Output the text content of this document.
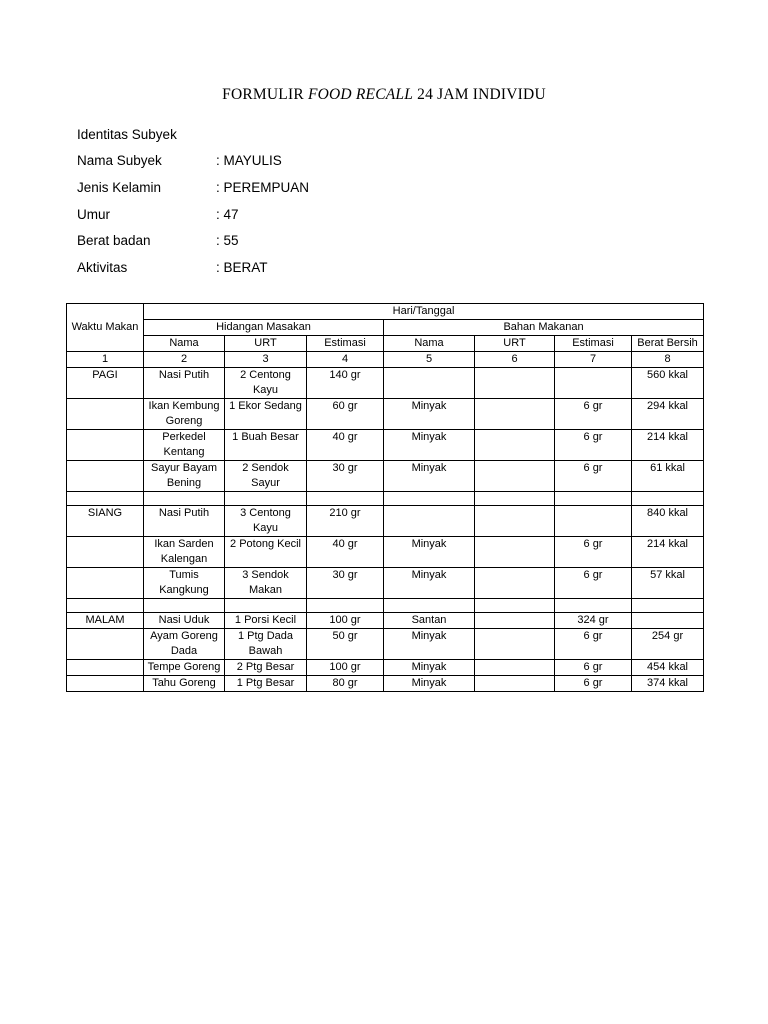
FORMULIR FOOD RECALL 24 JAM INDIVIDU
Identitas Subyek
Nama Subyek	: MAYULIS
Jenis Kelamin	: PEREMPUAN
Umur	: 47
Berat badan	: 55
Aktivitas	: BERAT
Waktu Makan	Hari/Tanggal						
	Hidangan Masakan			Bahan Makanan			
	Nama	URT	Estimasi	Nama	URT	Estimasi	Berat Bersih
1	2	3	4	5	6	7	8
PAGI	Nasi Putih	2 Centong Kayu	140 gr				560 kkal
	Ikan Kembung Goreng	1 Ekor Sedang	60 gr	Minyak		6 gr	294 kkal
	Perkedel Kentang	1 Buah Besar	40 gr	Minyak		6 gr	214 kkal
	Sayur Bayam Bening	2 Sendok Sayur	30 gr	Minyak		6 gr	61 kkal

SIANG	Nasi Putih	3 Centong Kayu	210 gr				840 kkal
	Ikan Sarden Kalengan	2 Potong Kecil	40 gr	Minyak		6 gr	214 kkal
	Tumis Kangkung	3 Sendok Makan	30 gr	Minyak		6 gr	57 kkal

MALAM	Nasi Uduk	1 Porsi Kecil	100 gr	Santan		324 gr	
	Ayam Goreng Dada	1 Ptg Dada Bawah	50 gr	Minyak		6 gr	254 gr
	Tempe Goreng	2 Ptg Besar	100 gr	Minyak		6 gr	454 kkal
	Tahu Goreng	1 Ptg Besar	80 gr	Minyak		6 gr	374 kkal
